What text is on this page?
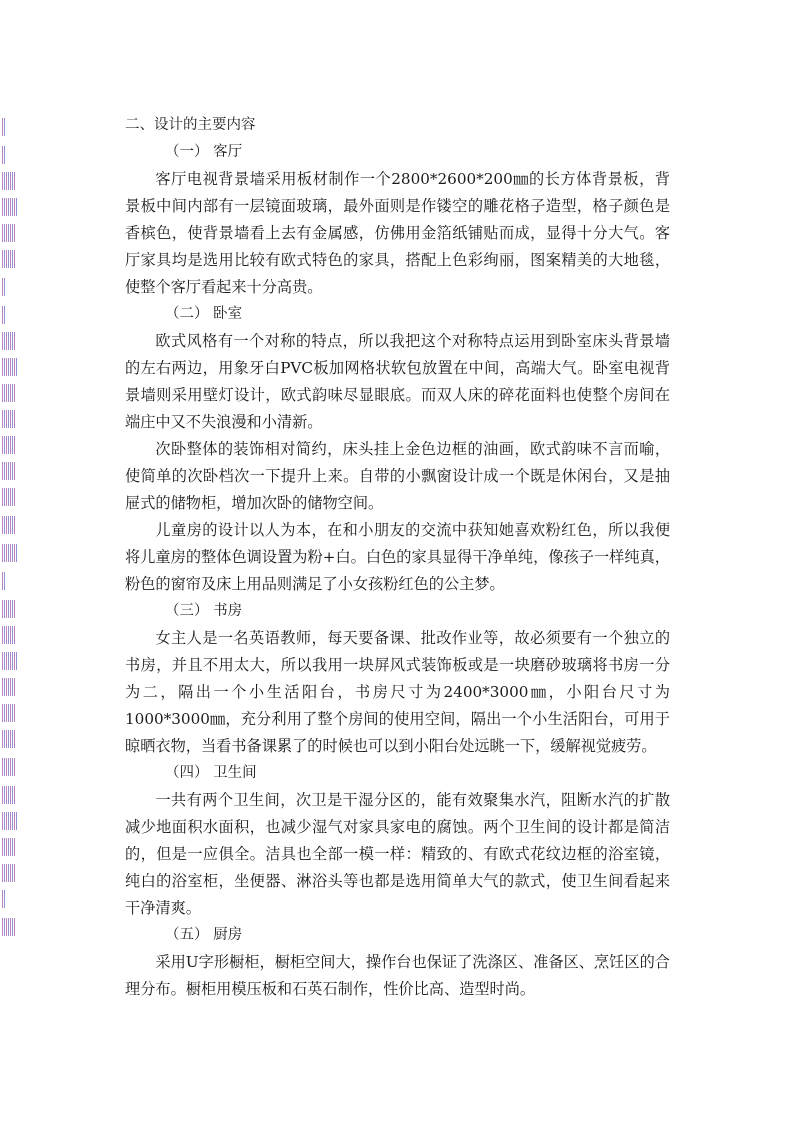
二、设计的主要内容
（一） 客厅

客厅电视背景墙采用板材制作一个2800*2600*200㎜的长方体背景板，背景板中间内部有一层镜面玻璃，最外面则是作镂空的雕花格子造型，格子颜色是香槟色，使背景墙看上去有金属感，仿佛用金箔纸铺贴而成，显得十分大气。客厅家具均是选用比较有欧式特色的家具，搭配上色彩绚丽，图案精美的大地毯，使整个客厅看起来十分高贵。

（二） 卧室

欧式风格有一个对称的特点，所以我把这个对称特点运用到卧室床头背景墙的左右两边，用象牙白PVC板加网格状软包放置在中间，高端大气。卧室电视背景墙则采用壁灯设计，欧式韵味尽显眼底。而双人床的碎花面料也使整个房间在端庄中又不失浪漫和小清新。

次卧整体的装饰相对简约，床头挂上金色边框的油画，欧式韵味不言而喻，使简单的次卧档次一下提升上来。自带的小飘窗设计成一个既是休闲台，又是抽屉式的储物柜，增加次卧的储物空间。

儿童房的设计以人为本，在和小朋友的交流中获知她喜欢粉红色，所以我便将儿童房的整体色调设置为粉+白。白色的家具显得干净单纯，像孩子一样纯真，粉色的窗帘及床上用品则满足了小女孩粉红色的公主梦。

（三） 书房

女主人是一名英语教师，每天要备课、批改作业等，故必须要有一个独立的书房，并且不用太大，所以我用一块屏风式装饰板或是一块磨砂玻璃将书房一分为二，隔出一个小生活阳台，书房尺寸为2400*3000㎜，小阳台尺寸为1000*3000㎜，充分利用了整个房间的使用空间，隔出一个小生活阳台，可用于晾晒衣物，当看书备课累了的时候也可以到小阳台处远眺一下，缓解视觉疲劳。

（四） 卫生间

一共有两个卫生间，次卫是干湿分区的，能有效聚集水汽，阻断水汽的扩散减少地面积水面积，也减少湿气对家具家电的腐蚀。两个卫生间的设计都是简洁的，但是一应俱全。洁具也全部一模一样：精致的、有欧式花纹边框的浴室镜，纯白的浴室柜，坐便器、淋浴头等也都是选用简单大气的款式，使卫生间看起来干净清爽。

（五） 厨房

采用U字形橱柜，橱柜空间大，操作台也保证了洗涤区、准备区、烹饪区的合理分布。橱柜用模压板和石英石制作，性价比高、造型时尚。
